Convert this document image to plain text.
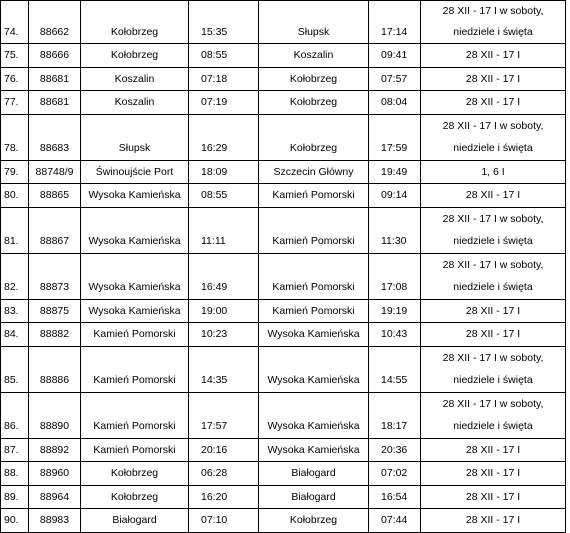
74.	88662	Kołobrzeg	15:35	Słupsk	17:14	28 XII - 17 I w soboty, niedziele i święta
75.	88666	Kołobrzeg	08:55	Koszalin	09:41	28 XII - 17 I
76.	88681	Koszalin	07:18	Kołobrzeg	07:57	28 XII - 17 I
77.	88681	Koszalin	07:19	Kołobrzeg	08:04	28 XII - 17 I
78.	88683	Słupsk	16:29	Kołobrzeg	17:59	28 XII - 17 I w soboty, niedziele i święta
79.	88748/9	Świnoujście Port	18:09	Szczecin Główny	19:49	1, 6 I
80.	88865	Wysoka Kamieńska	08:55	Kamień Pomorski	09:14	28 XII - 17 I
81.	88867	Wysoka Kamieńska	11:11	Kamień Pomorski	11:30	28 XII - 17 I w soboty, niedziele i święta
82.	88873	Wysoka Kamieńska	16:49	Kamień Pomorski	17:08	28 XII - 17 I w soboty, niedziele i święta
83.	88875	Wysoka Kamieńska	19:00	Kamień Pomorski	19:19	28 XII - 17 I
84.	88882	Kamień Pomorski	10:23	Wysoka Kamieńska	10:43	28 XII - 17 I
85.	88886	Kamień Pomorski	14:35	Wysoka Kamieńska	14:55	28 XII - 17 I w soboty, niedziele i święta
86.	88890	Kamień Pomorski	17:57	Wysoka Kamieńska	18:17	28 XII - 17 I w soboty, niedziele i święta
87.	88892	Kamień Pomorski	20:16	Wysoka Kamieńska	20:36	28 XII - 17 I
88.	88960	Kołobrzeg	06:28	Białogard	07:02	28 XII - 17 I
89.	88964	Kołobrzeg	16:20	Białogard	16:54	28 XII - 17 I
90.	88983	Białogard	07:10	Kołobrzeg	07:44	28 XII - 17 I
